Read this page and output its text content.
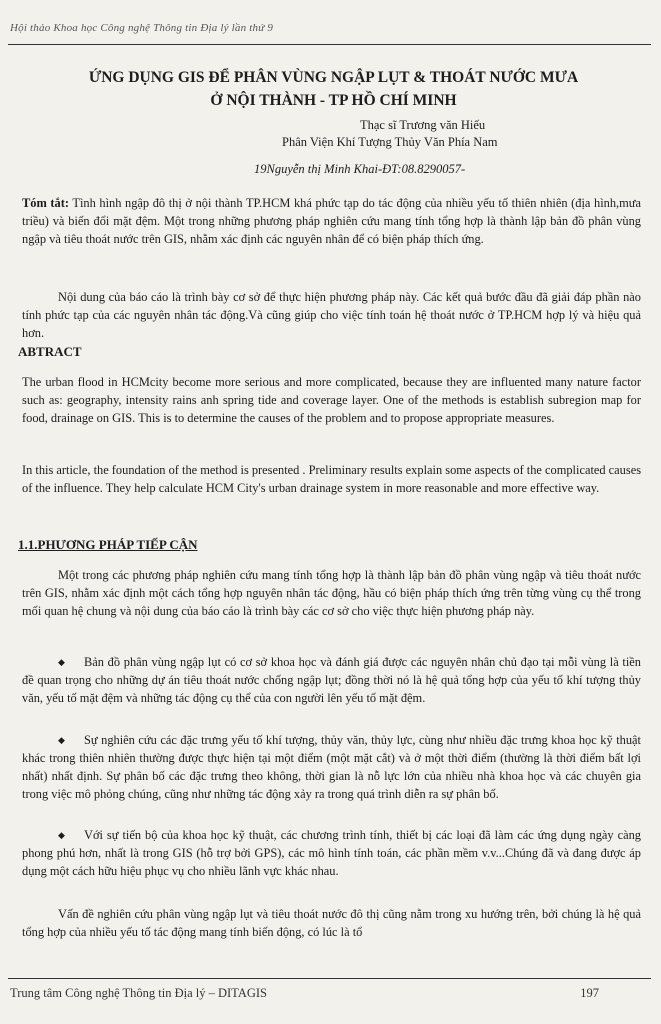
Hội thảo Khoa học Công nghệ Thông tin Địa lý lần thứ 9
ỨNG DỤNG GIS ĐỂ PHÂN VÙNG NGẬP LỤT & THOÁT NƯỚC MƯA
Ở NỘI THÀNH - TP HỒ CHÍ MINH
Thạc sĩ Trương văn Hiếu
Phân Viện Khí Tượng Thủy Văn Phía Nam
19Nguyễn thị Minh Khai-ĐT:08.8290057-

Tóm tắt: Tình hình ngập đô thị ở nội thành TP.HCM khá phức tạp do tác động của nhiều yếu tố thiên nhiên (địa hình,mưa triều) và biến đổi mặt đệm. Một trong những phương pháp nghiên cứu mang tính tổng hợp là thành lập bản đồ phân vùng ngập và tiêu thoát nước trên GIS, nhằm xác định các nguyên nhân để có biện pháp thích ứng.

Nội dung của báo cáo là trình bày cơ sở để thực hiện phương pháp này. Các kết quả bước đầu đã giải đáp phần nào tính phức tạp của các nguyên nhân tác động.Và cũng giúp cho việc tính toán hệ thoát nước ở TP.HCM hợp lý và hiệu quả hơn.
ABTRACT
The urban flood in HCMcity become more serious and more complicated, because they are influented many nature factor such as: geography, intensity rains anh spring tide and coverage layer. One of the methods is establish subregion map for food, drainage on GIS. This is to determine the causes of the problem and to propose appropriate measures.
In this article, the foundation of the method is presented . Preliminary results explain some aspects of the complicated causes of the influence. They help calculate HCM City's urban drainage system in more reasonable and more effective way.
1.1.PHƯƠNG PHÁP TIẾP CẬN
Một trong các phương pháp nghiên cứu mang tính tổng hợp là thành lập bản đồ phân vùng ngập và tiêu thoát nước trên GIS, nhằm xác định một cách tổng hợp nguyên nhân tác động, hầu có biện pháp thích ứng trên từng vùng cụ thể trong mối quan hệ chung và nội dung của báo cáo là trình bày các cơ sở cho việc thực hiện phương pháp này.
◆ Bản đồ phân vùng ngập lụt có cơ sở khoa học và đánh giá được các nguyên nhân chủ đạo tại mỗi vùng là tiền đề quan trọng cho những dự án tiêu thoát nước chống ngập lụt; đồng thời nó là hệ quả tổng hợp của yếu tố khí tượng thủy văn, yếu tố mặt đệm và những tác động cụ thể của con người lên yếu tố mặt đệm.
◆ Sự nghiên cứu các đặc trưng yếu tố khí tượng, thủy văn, thủy lực, cùng như nhiều đặc trưng khoa học kỹ thuật khác trong thiên nhiên thường được thực hiện tại một điểm (một mặt cắt) và ở một thời điểm (thường là thời điểm bất lợi nhất) nhất định. Sự phân bố các đặc trưng theo không, thời gian là nỗ lực lớn của nhiều nhà khoa học và các chuyên gia trong việc mô phỏng chúng, cũng như những tác động xảy ra trong quá trình diễn ra sự phân bố.
◆ Với sự tiến bộ của khoa học kỹ thuật, các chương trình tính, thiết bị các loại đã làm các ứng dụng ngày càng phong phú hơn, nhất là trong GIS (hỗ trợ bởi GPS), các mô hình tính toán, các phần mềm v.v...Chúng đã và đang được áp dụng một cách hữu hiệu phục vụ cho nhiều lãnh vực khác nhau.
Vấn đề nghiên cứu phân vùng ngập lụt và tiêu thoát nước đô thị cũng nằm trong xu hướng trên, bởi chúng là hệ quả tổng hợp của nhiều yếu tố tác động mang tính biến động, có lúc là tổ
Trung tâm Công nghệ Thông tin Địa lý – DITAGIS	197
